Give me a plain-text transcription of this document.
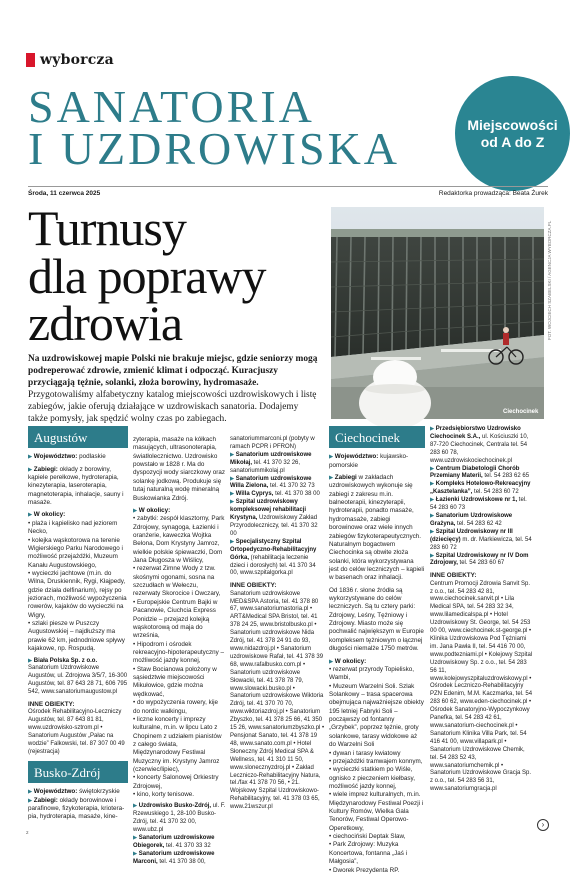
wyborcza
SANATORIA
I UZDROWISKA	Miejscowości
od A do Z
Środa, 11 czerwca 2025	Redaktorka prowadząca: Beata Żurek
Turnusy
dla poprawy
zdrowia
Na uzdrowiskowej mapie Polski nie brakuje miejsc, gdzie seniorzy mogą podreperować zdrowie, zmienić klimat i odpocząć. Kuracjuszy przyciągają tężnie, solanki, złoża borowiny, hydromasaże. Przygotowaliśmy alfabetyczny katalog miejscowości uzdrowiskowych i listę zabiegów, jakie oferują działające w uzdrowiskach sanatoria. Dodajemy także pomysły, jak spędzić wolny czas po zabiegach.
Ciechocinek
FOT. WOJCIECH SZABELSKI / AGENCJA WYBORCZA.PL
Augustów

▶ Województwo: podlaskie

▶ Zabiegi: okłady z borowiny, kąpiele perełkowe, hydroterapia, kinezyterapia, laseroterapia, magnetoterapia, inhalacje, sauny i masaże.

▶ W okolicy:

• plaża i kąpielisko nad jeziorem Necko,

• kolejka wąskotorowa na terenie Wigierskiego Parku Narodowego i możliwość przejażdżki, Muzeum Kanału Augustowskiego,

• wycieczki jachtowe (m.in. do Wilna, Druskiennik, Rygi, Kłajpedy, gdzie działa delfinarium), rejsy po jeziorach, możliwość wypożyczenia rowerów, kajaków do wycieczki na Wigry,

• szlaki piesze w Puszczy Augustowskiej – najdłuższy ma prawie 62 km, jednodniowe spływy kajakowe, np. Rospudą.

▶ Biała Polska Sp. z o.o. Sanatorium Uzdrowiskowe Augustów, ul. Zdrojowa 3/5/7, 16-300 Augustów, tel. 87 643 28 71, 606 795 542, www.sanatoriumaugustow.pl

INNE OBIEKTY:

Ośrodek Rehabilitacyjno-Leczniczy Augustów, tel. 87 643 81 81, www.uzdrowisko-sztrom.pl • Sanatorium Augustów „Pałac na wodzie” Falkowski, tel. 87 307 00 49 (rejestracja)

Busko-Zdrój

▶ Województwo: świętokrzyskie

▶ Zabiegi: okłady borowinowe i parafinowe, fizykoterapia, kriotera-pia, hydroterapia, masaże, kine-

zyterapia, masaże na kółkach masujących, ultrasonoterapia, światłolecznictwo. Uzdrowisko powstało w 1828 r. Ma do dyspozycji wody siarczkowy oraz solankę jodkową. Produkuje się tutaj naturalną wodę mineralną Buskowianka Zdrój.

▶ W okolicy:

• zabytki: zespół klasztorny, Park Zdrojowy, synagoga, Łazienki i oranżerie, kaweczka Wojtka Belona, Dom Krystyny Jamroz, wielkie polskie śpiewaczki, Dom Jana Długosza w Wiślicy,

• rezerwat Zimne Wody z tzw. skośnymi ogonami, sosna na szczudłach w Wełeczu, rezerwaty Skorocice i Owczary,

• Europejskie Centrum Bajki w Pacanowie, Ciuchcia Express Ponidzie – przejazd kolejką wąskotorową od maja do września,

• Hipodrom i ośrodek rekreacyjno-hipoterapeutyczny – możliwość jazdy konnej,

• Staw Bocianowa położony w sąsiedztwie miejscowości Mikułowice, gdzie można wędkować,

• do wypożyczenia rowery, kije do nordic walkingu,

• liczne koncerty i imprezy kulturalne, m.in. w lipcu Lato z Chopinem z udziałem pianistów z całego świata, Międzynarodowy Festiwal Muzyczny im. Krystyny Jamroz (czerwiec/lipiec),

• koncerty Salonowej Orkiestry Zdrojowej,

• kino, korty tenisowe.

▶ Uzdrowisko Busko-Zdrój, ul. F. Rzewuskiego 1, 28-100 Busko-Zdrój, tel. 41 370 32 00, www.ubz.pl

▶ Sanatorium uzdrowiskowe Obiegorek, tel. 41 370 33 32

▶ Sanatorium uzdrowiskowe Marconi, tel. 41 370 38 00,

sanatoriummarconi.pl (pobyty w ramach PCPR i PFRON)

▶ Sanatorium uzdrowiskowe Mikołaj, tel. 41 370 32 26, sanatoriummikolaj.pl

▶ Sanatorium uzdrowiskowe Willa Zielona, tel. 41 370 32 73

▶ Willa Cyprys, tel. 41 370 38 00

▶ Szpital uzdrowiskowy kompleksowej rehabilitacji Krystyna, Uzdrowiskowy Zakład Przyrodoleczniczy, tel. 41 370 32 00

▶ Specjalistyczny Szpital Ortopedyczno-Rehabilitacyjny Górka, (rehabilitacja leczenie dzieci i dorosłych) tel. 41 370 34 00, www.szpitalgorka.pl

INNE OBIEKTY:

Sanatorium uzdrowiskowe MED&SPA Astoria, tel. 41 378 80 67, www.sanatoriumastoria.pl • ART&Medical SPA Bristol, tel. 41 378 24 25, www.bristolbusko.pl • Sanatorium uzdrowiskowe Nida Zdrój, tel. 41 378 24 91 do 93, www.nidazdroj.pl • Sanatorium uzdrowiskowe Rafał, tel. 41 378 39 68, www.rafalbusko.com.pl • Sanatorium uzdrowiskowe Słowacki, tel. 41 378 78 79, www.slowacki.busko.pl • Sanatorium uzdrowiskowe Wiktoria Zdrój, tel. 41 370 70 70, www.wiktoriazdroj.pl • Sanatorium Zbyszko, tel. 41 378 25 66, 41 350 15 26, www.sanatoriumzbyszko.pl • Pensjonat Sanato, tel. 41 378 19 48, www.sanato.com.pl • Hotel Słoneczny Zdrój Medical SPA & Wellness, tel. 41 310 11 50, www.slonecznyzdroj.pl • Zakład Leczniczo-Rehabilitacyjny Natura, tel./fax 41 378 70 56, • 21. Wojskowy Szpital Uzdrowiskowo-Rehabilitacyjny, tel. 41 378 03 65, www.21wszur.pl

Ciechocinek

▶ Województwo: kujawsko-pomorskie

▶ Zabiegi w zakładach uzdrowiskowych wykonuje się zabiegi z zakresu m.in. balneoterapii, kinezyterapii, hydroterapii, ponadto masaże, hydromasaże, zabiegi borowinowe oraz wiele innych zabiegów fizykoterapeutycznych. Naturalnym bogactwem Ciechocinka są obwite złoża solanki, która wykorzystywana jest do celów leczniczych – kąpieli w basenach oraz inhalacji.

Od 1836 r. słone źródła są wykorzystywane do celów leczniczych. Są tu cztery parki: Zdrojowy, Leśny, Tężniowy i Zdrojowy. Miasto może się pochwalić największym w Europie kompleksem tężniowym o łącznej długości niemalże 1750 metrów.

▶ W okolicy:

• rezerwat przyrody Topielisko, Wambi,

• Muzeum Warzelni Soli. Szlak Solankowy – trasa spacerowa obejmująca najważniejsze obiekty 195 letniej Fabryki Soli – począwszy od fontanny „Grzybek”, poprzez tężnie, groty solankowe, tarasy widokowe aż do Warzelni Soli

• dywan i tarasy kwiatowy

• przejażdżki tramwajem konnym,

• wycieczki statkiem po Wiśle, ognisko z pieczeniem kiełbasy, możliwość jazdy konnej,

• wiele imprez kulturalnych, m.in. Międzynarodowy Festiwal Poezji i Kultury Romów, Wielka Gala Tenorów, Festiwal Operowo-Operetkowy,

• ciechociński Deptak Slaw,

• Park Zdrojowy: Muzyka Koncertowa, fontanna „Jaś i Małgosia”,

• Dworek Prezydenta RP.

▶ Przedsiębiorstwo Uzdrowisko Ciechocinek S.A., ul. Kościuszki 10, 87-720 Ciechocinek, Centrala tel. 54 283 60 78, www.uzdrowiskociechocinek.pl

▶ Centrum Diabetologii Chorób Przemiany Materii, tel. 54 283 62 65

▶ Kompleks Hotelowo-Rekreacyjny „Kasztelanka”, tel. 54 283 60 72

▶ Łazienki Uzdrowiskowe nr 1, tel. 54 283 60 73

▶ Sanatorium Uzdrowiskowe Grażyna, tel. 54 283 62 42

▶ Szpital Uzdrowiskowy nr III (dziecięcy) m. dr. Markiewicza, tel. 54 283 60 72

▶ Szpital Uzdrowiskowy nr IV Dom Zdrojowy, tel. 54 283 60 67

INNE OBIEKTY:

Centrum Promocji Zdrowia Sanvit Sp. z o.o., tel. 54 283 42 81, www.ciechocinek.sanvit.pl • Lila Medical SPA, tel. 54 283 32 34, www.lilamedicalspa.pl • Hotel Uzdrowiskowy St. George, tel. 54 253 00 00, www.ciechocinek.st-george.pl • Klinika Uzdrowiskowa Pod Tężniami im. Jana Pawła II, tel. 54 416 70 00, www.podtezniami.pl • Kolejowy Szpital Uzdrowiskowy Sp. z o.o., tel. 54 283 56 11, www.kolejowyszpitaluzdrowiskowy.pl • Ośrodek Leczniczo-Rehabilitacyjny PZN Edenim, M.M. Kaczmarka, tel. 54 283 60 62, www.eden-ciechocinek.pl • Ośrodek Sanatoryjno-Wypoczynkowy Panefka, tel. 54 283 42 61, www.sanatorium-ciechocinek.pl • Sanatorium Klinika Villa Park, tel. 54 416 41 00, www.villapark.pl • Sanatorium Uzdrowiskowe Chemik, tel. 54 283 52 43, www.sanatoriumchemik.pl • Sanatorium Uzdrowiskowe Gracja Sp. z o.o., tel. 54 283 56 31, www.sanatoriumgracja.pl

2
›
